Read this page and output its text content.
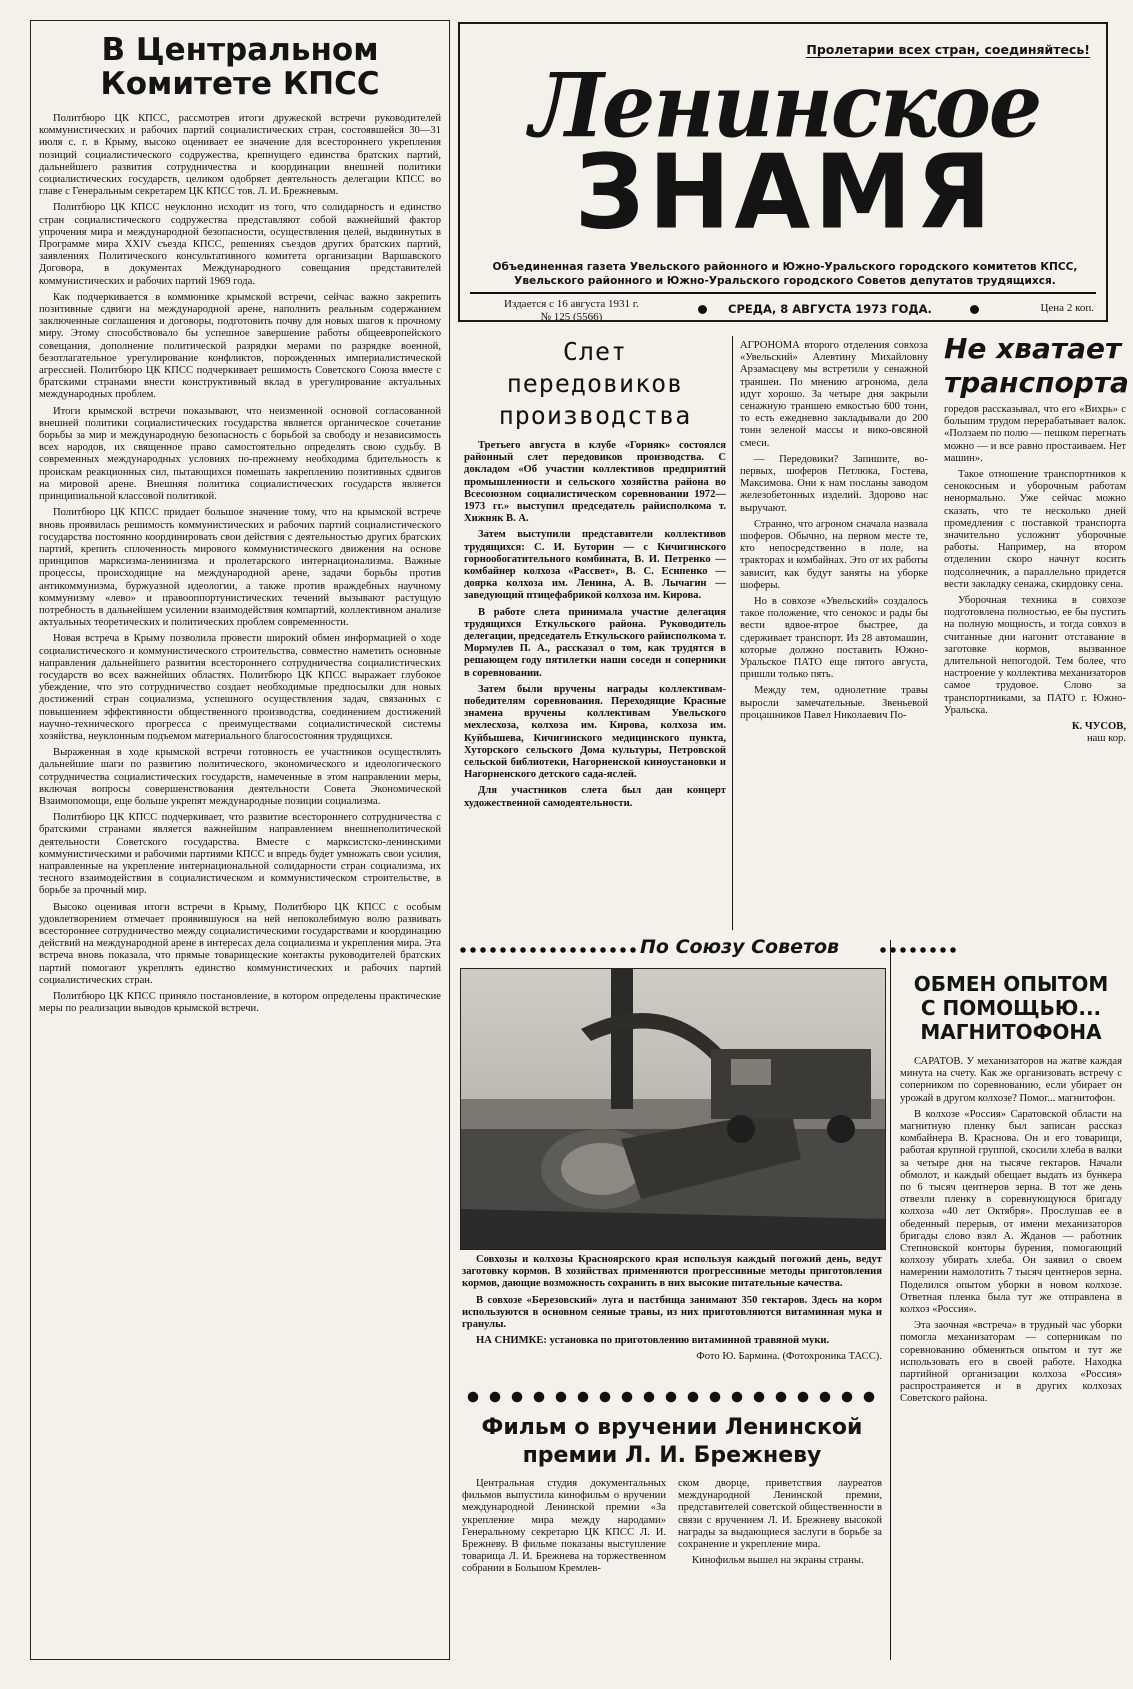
В Центральном Комитете КПСС

Политбюро ЦК КПСС, рассмотрев итоги дружеской встречи руководителей коммунистических и рабочих партий социалистических стран, состоявшейся 30—31 июля с. г. в Крыму, высоко оценивает ее значение для всестороннего укрепления позиций социалистического содружества, крепнущего единства братских партий, дальнейшего развития сотрудничества и координации внешней политики социалистических государств, целиком одобряет деятельность делегации КПСС во главе с Генеральным секретарем ЦК КПСС тов. Л. И. Брежневым.

Политбюро ЦК КПСС неуклонно исходит из того, что солидарность и единство стран социалистического содружества представляют собой важнейший фактор упрочения мира и международной безопасности, осуществления целей, выдвинутых в Программе мира XXIV съезда КПСС, решениях съездов других братских партий, заявлениях Политического консультативного комитета организации Варшавского Договора, в документах Международного совещания представителей коммунистических и рабочих партий 1969 года.

Как подчеркивается в коммюнике крымской встречи, сейчас важно закрепить позитивные сдвиги на международной арене, наполнить реальным содержанием заключенные соглашения и договоры, подготовить почву для новых шагов к прочному миру. Этому способствовало бы успешное завершение работы общеевропейского совещания, дополнение политической разрядки мерами по разрядке военной, безотлагательное урегулирование конфликтов, порожденных империалистической агрессией. Политбюро ЦК КПСС подчеркивает решимость Советского Союза вместе с братскими странами внести конструктивный вклад в урегулирование актуальных международных проблем.

Итоги крымской встречи показывают, что неизменной основой согласованной внешней политики социалистических государства является органическое сочетание борьбы за мир и международную безопасность с борьбой за свободу и независимость всех народов, их священное право самостоятельно определять свою судьбу. В современных международных условиях по-прежнему необходима бдительность к проискам реакционных сил, пытающихся помешать закреплению позитивных сдвигов на мировой арене. Внешняя политика социалистических государств является принципиальной классовой политикой.

Политбюро ЦК КПСС придает большое значение тому, что на крымской встрече вновь проявилась решимость коммунистических и рабочих партий социалистического государства постоянно координировать свои действия с деятельностью других братских партий, крепить сплоченность мирового коммунистического движения на основе принципов марксизма-ленинизма и пролетарского интернационализма. Важные процессы, происходящие на международной арене, задачи борьбы против антикоммунизма, буржуазной идеологии, а также против враждебных научному коммунизму «лево» и правооппортунистических течений вызывают растущую потребность в дальнейшем усилении взаимодействия компартий, коллективном анализе актуальных теоретических и политических проблем современности.

Новая встреча в Крыму позволила провести широкий обмен информацией о ходе социалистического и коммунистического строительства, совместно наметить основные направления дальнейшего развития всестороннего сотрудничества социалистических государств во всех важнейших областях. Политбюро ЦК КПСС выражает глубокое убеждение, что это сотрудничество создает необходимые предпосылки для новых достижений стран социализма, успешного осуществления задач, связанных с повышением эффективности общественного производства, соединением достижений научно-технического прогресса с преимуществами социалистической системы хозяйства, неуклонным подъемом материального благосостояния трудящихся.

Выраженная в ходе крымской встречи готовность ее участников осуществлять дальнейшие шаги по развитию политического, экономического и идеологического сотрудничества социалистических государств, намеченные в этом направлении меры, включая вопросы совершенствования деятельности Совета Экономической Взаимопомощи, еще больше укрепят международные позиции социализма.

Политбюро ЦК КПСС подчеркивает, что развитие всестороннего сотрудничества с братскими странами является важнейшим направлением внешнеполитической деятельности Советского государства. Вместе с марксистско-ленинскими коммунистическими и рабочими партиями КПСС и впредь будет умножать свои усилия, направленные на укрепление интернациональной солидарности стран социализма, их тесного взаимодействия в социалистическом и коммунистическом строительстве, в борьбе за прочный мир.

Высоко оценивая итоги встречи в Крыму, Политбюро ЦК КПСС с особым удовлетворением отмечает проявившуюся на ней непоколебимую волю развивать всестороннее сотрудничество между социалистическими государствами и координацию действий на международной арене в интересах дела социализма и укрепления мира. Эта встреча вновь показала, что прямые товарищеские контакты руководителей братских партий помогают укреплять единство коммунистических и рабочих партий социалистических стран.

Политбюро ЦК КПСС приняло постановление, в котором определены практические меры по реализации выводов крымской встречи.

Пролетарии всех стран, соединяйтесь!
Ленинское
ЗНАМЯ
Объединенная газета Увельского районного и Южно-Уральского городского комитетов КПСС,
Увельского районного и Южно-Уральского городского Советов депутатов трудящихся.
Издается с 16 августа 1931 г.
№ 125 (5566)
СРЕДА, 8 АВГУСТА 1973 ГОДА.	Цена 2 коп.
Слет
передовиков
производства

Третьего августа в клубе «Горняк» состоялся районный слет передовиков производства. С докладом «Об участии коллективов предприятий промышленности и сельского хозяйства района во Всесоюзном социалистическом соревновании 1972—1973 гг.» выступил председатель райисполкома т. Хижняк В. А.

Затем выступили представители коллективов трудящихся: С. И. Буторин — с Кичигинского горнообогатительного комбината, В. И. Петренко — комбайнер колхоза «Рассвет», В. С. Еснпенко — доярка колхоза им. Ленина, А. В. Лычагин — заведующий птицефабрикой колхоза им. Кирова.

В работе слета принимала участие делегация трудящихся Еткульского района. Руководитель делегации, председатель Еткульского райисполкома т. Мормулев П. А., рассказал о том, как трудятся в решающем году пятилетки наши соседи и соперники в соревновании.

Затем были вручены награды коллективам-победителям соревнования. Переходящие Красные знамена вручены коллективам Увельского мехлесхоза, колхоза им. Кирова, колхоза им. Куйбышева, Кичигинского медицинского пункта, Хуторского сельского Дома культуры, Петровской сельской библиотеки, Нагорненской киноустановки и Нагорненского детского сада-яслей.

Для участников слета был дан концерт художественной самодеятельности.

АГРОНОМА второго отделения совхоза «Увельский» Алевтину Михайловну Арзамасцеву мы встретили у сенажной траншеи. По мнению агронома, дела идут хорошо. За четыре дня закрыли сенажную траншею емкостью 600 тонн, то есть ежедневно закладывали до 200 тонн зеленой массы и вико-овсяной смеси.

— Передовики? Запишите, во-первых, шоферов Петлюка, Гостева, Максимова. Они к нам посланы заводом железобетонных изделий. Здорово нас выручают.

Странно, что агроном сначала назвала шоферов. Обычно, на первом месте те, кто непосредственно в поле, на тракторах и комбайнах. Это от их работы зависит, как будут заняты на уборке шоферы.

Но в совхозе «Увельский» создалось такое положение, что сенокос и рады бы вести вдвое-втрое быстрее, да сдерживает транспорт. Из 28 автомашин, которые должно поставить Южно-Уральское ПАТО еще пятого августа, пришли только пять.

Между тем, однолетние травы выросли замечательные. Звеньевой процашников Павел Николаевич По-

Не хватает
транспорта

горедов рассказывал, что его «Вихрь» с большим трудом перерабатывает валок. «Ползаем по полю — пешком перегнать можно — и все равно простаиваем. Нет машин».

Такое отношение транспортников к сенокосным и уборочным работам ненормально. Уже сейчас можно сказать, что те несколько дней промедления с поставкой транспорта значительно усложнят уборочные работы. Например, на втором отделении скоро начнут косить подсолнечник, а параллельно придется вести закладку сенажа, скирдовку сена.

Уборочная техника в совхозе подготовлена полностью, ее бы пустить на полную мощность, и тогда совхоз в считанные дни нагонит отставание в заготовке кормов, вызванное длительной непогодой. Тем более, что настроение у коллектива механизаторов самое трудовое. Слово за транспортниками, за ПАТО г. Южно-Уральска.

К. ЧУСОВ,
наш кор.
По Союзу Советов

Совхозы и колхозы Красноярского края используя каждый погожий день, ведут заготовку кормов. В хозяйствах применяются прогрессивные методы приготовления кормов, дающие возможность сохранить в них высокие питательные качества.

В совхозе «Березовский» луга и пастбища занимают 350 гектаров. Здесь на корм используются в основном сеяные травы, из них приготовляются витаминная мука и гранулы.

НА СНИМКЕ: установка по приготовлению витаминной травяной муки.

Фото Ю. Бармина. (Фотохроника ТАСС).
Фильм о вручении Ленинской
премии Л. И. Брежневу

Центральная студия документальных фильмов выпустила кинофильм о вручении международной Ленинской премии «За укрепление мира между народами» Генеральному секретарю ЦК КПСС Л. И. Брежневу. В фильме показаны выступление товарища Л. И. Брежнева на торжественном собрании в Большом Кремлев-

ском дворце, приветствия лауреатов международной Ленинской премии, представителей советской общественности в связи с вручением Л. И. Брежневу высокой награды за выдающиеся заслуги в борьбе за сохранение и укрепление мира.

Кинофильм вышел на экраны страны.

ОБМЕН ОПЫТОМ
С ПОМОЩЬЮ...
МАГНИТОФОНА

САРАТОВ. У механизаторов на жатве каждая минута на счету. Как же организовать встречу с соперником по соревнованию, если убирает он урожай в другом колхозе? Помог... магнитофон.

В колхозе «Россия» Саратовской области на магнитную пленку был записан рассказ комбайнера В. Краснова. Он и его товарищи, работая крупной группой, скосили хлеба в валки за четыре дня на тысяче гектаров. Начали обмолот, и каждый обещает выдать из бункера по 6 тысяч центнеров зерна. В тот же день отвезли пленку в соревнующуюся бригаду колхоза «40 лет Октября». Прослушав ее в обеденный перерыв, от имени механизаторов бригады слово взял А. Жданов — работник Степновской конторы бурения, помогающий колхозу убирать хлеба. Он заявил о своем намерении намолотить 7 тысяч центнеров зерна. Поделился опытом уборки в новом колхозе. Ответная пленка была тут же отправлена в колхоз «Россия».

Эта заочная «встреча» в трудный час уборки помогла механизаторам — соперникам по соревнованию обменяться опытом и тут же использовать его в своей работе. Находка партийной организации колхоза «Россия» распространяется и в других колхозах Советского района.
